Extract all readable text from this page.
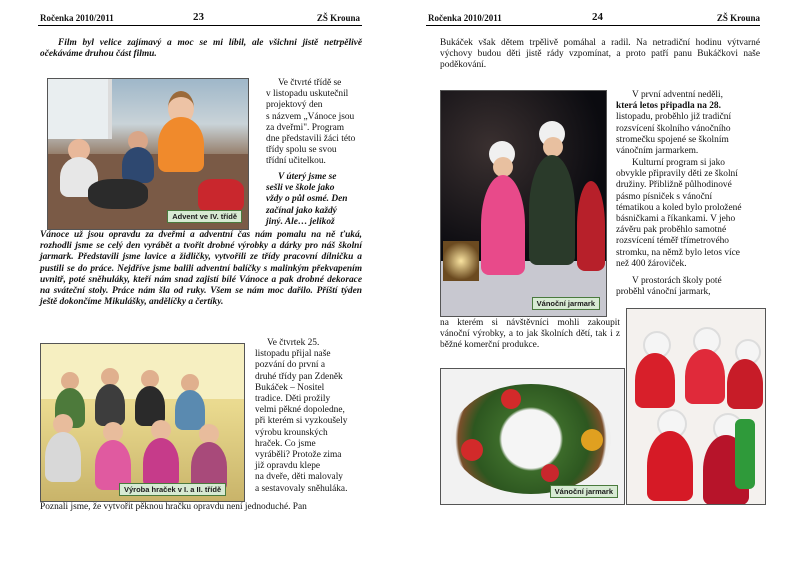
Ročenka 2010/2011	23	ZŠ Krouna

Film byl velice zajímavý a moc se mi líbil, ale všichni jistě netrpělivě očekáváme druhou část filmu.

Advent ve IV. třídě
Ve čtvrté třídě se
v listopadu uskutečnil
projektový den
s názvem „Vánoce jsou
za dveřmi". Program
dne představili žáci této
třídy spolu se svou
třídní učitelkou.
V úterý jsme se
sešli ve škole jako
vždy o půl osmé. Den
začínal jako každý
jiný. Ale… jelikož

Vánoce už jsou opravdu za dveřmi a adventní čas nám pomalu na ně ťuká, rozhodli jsme se celý den vyrábět a tvořit drobné výrobky a dárky pro náš školní jarmark. Představili jsme lavice a židličky, vytvořili ze třídy pracovní dílničku a pustili se do práce. Nejdříve jsme balili adventní balíčky s malinkým překvapením uvnitř, poté sněhuláky, kteří nám snad zajistí bílé Vánoce a pak drobné dekorace na sváteční stoly. Práce nám šla od ruky. Všem se nám moc dařilo. Příští týden ještě dokončíme Mikulášky, andělíčky a čertíky.

Výroba hraček v I. a II. třídě
Ve čtvrtek 25.
listopadu přijal naše
pozvání do první a
druhé třídy pan Zdeněk
Bukáček – Nositel
tradice. Děti prožily
velmi pěkné dopoledne,
při kterém si vyzkoušely
výrobu krounských
hraček. Co jsme
vyráběli? Protože zima
již opravdu klepe
na dveře, děti malovaly
a sestavovaly sněhuláka.

Poznali jsme, že vytvořit pěknou hračku opravdu není jednoduché. Pan

Ročenka 2010/2011	24	ZŠ Krouna

Bukáček však dětem trpělivě pomáhal a radil. Na netradiční hodinu výtvarné výchovy budou děti jistě rády vzpomínat, a proto patří panu Bukáčkovi naše poděkování.

Vánoční jarmark
V první adventní neděli,
která letos připadla na 28.
listopadu, proběhlo již tradiční
rozsvícení školního vánočního
stromečku spojené se školním
vánočním jarmarkem.
Kulturní program si jako
obvykle připravily děti ze školní
družiny. Přibližně půlhodinové
pásmo písniček s vánoční
tématikou a koled bylo proložené
básničkami a říkankami. V jeho
závěru pak proběhlo samotné
rozsvícení téměř třímetrového
stromku, na němž bylo letos více
než 400 žároviček.
V prostorách školy poté
proběhl vánoční jarmark,

na kterém si návštěvníci mohli zakoupit vánoční výrobky, a to jak školních dětí, tak i z běžné komerční produkce.

Vánoční jarmark
